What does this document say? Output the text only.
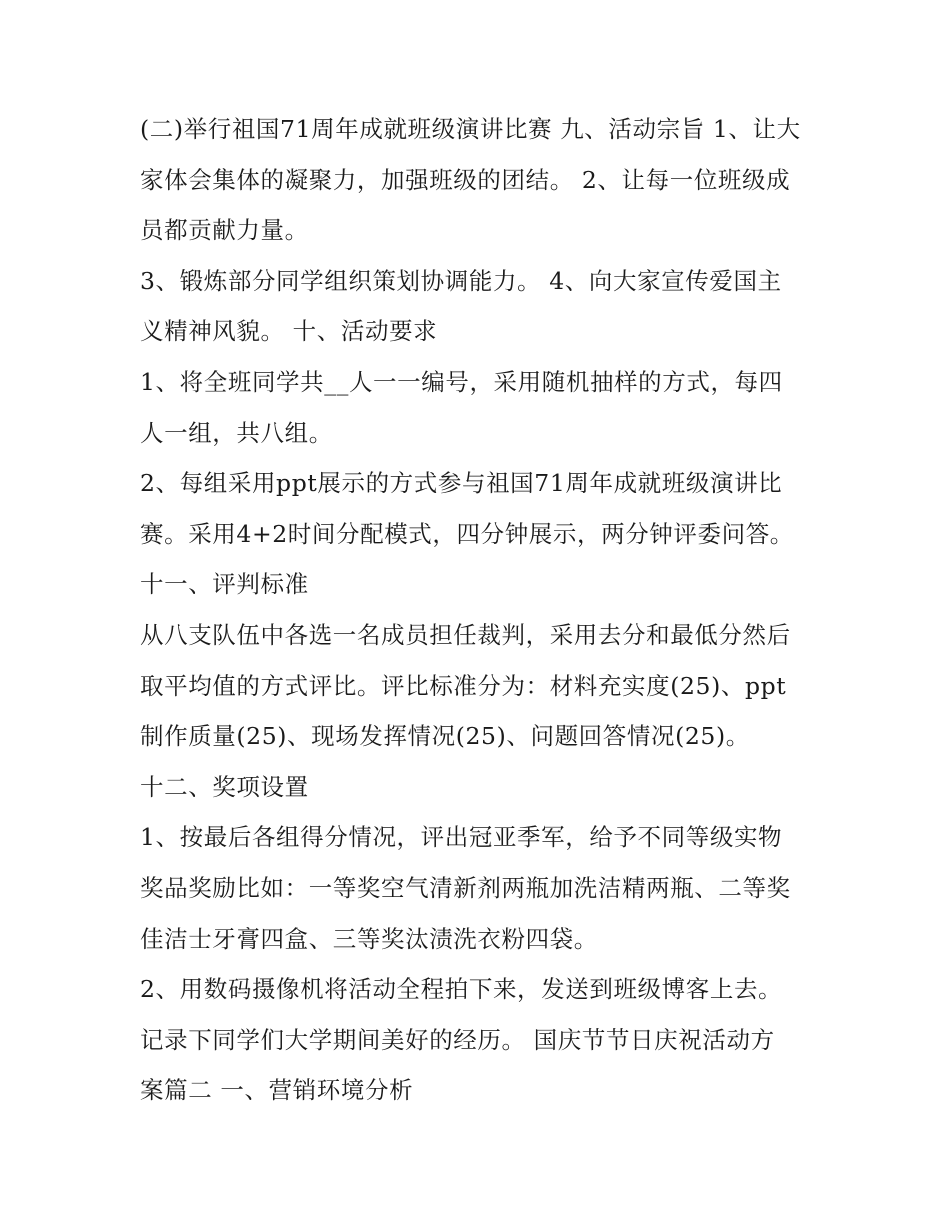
(二)举行祖国71周年成就班级演讲比赛 九、活动宗旨 1、让大
家体会集体的凝聚力，加强班级的团结。 2、让每一位班级成
员都贡献力量。
3、锻炼部分同学组织策划协调能力。 4、向大家宣传爱国主
义精神风貌。 十、活动要求
1、将全班同学共__人一一编号，采用随机抽样的方式，每四
人一组，共八组。
2、每组采用ppt展示的方式参与祖国71周年成就班级演讲比
赛。采用4+2时间分配模式，四分钟展示，两分钟评委问答。
十一、评判标准
从八支队伍中各选一名成员担任裁判，采用去分和最低分然后
取平均值的方式评比。评比标准分为：材料充实度(25)、ppt
制作质量(25)、现场发挥情况(25)、问题回答情况(25)。
十二、奖项设置
1、按最后各组得分情况，评出冠亚季军，给予不同等级实物
奖品奖励比如：一等奖空气清新剂两瓶加洗洁精两瓶、二等奖
佳洁士牙膏四盒、三等奖汰渍洗衣粉四袋。
2、用数码摄像机将活动全程拍下来，发送到班级博客上去。
记录下同学们大学期间美好的经历。 国庆节节日庆祝活动方
案篇二 一、营销环境分析
